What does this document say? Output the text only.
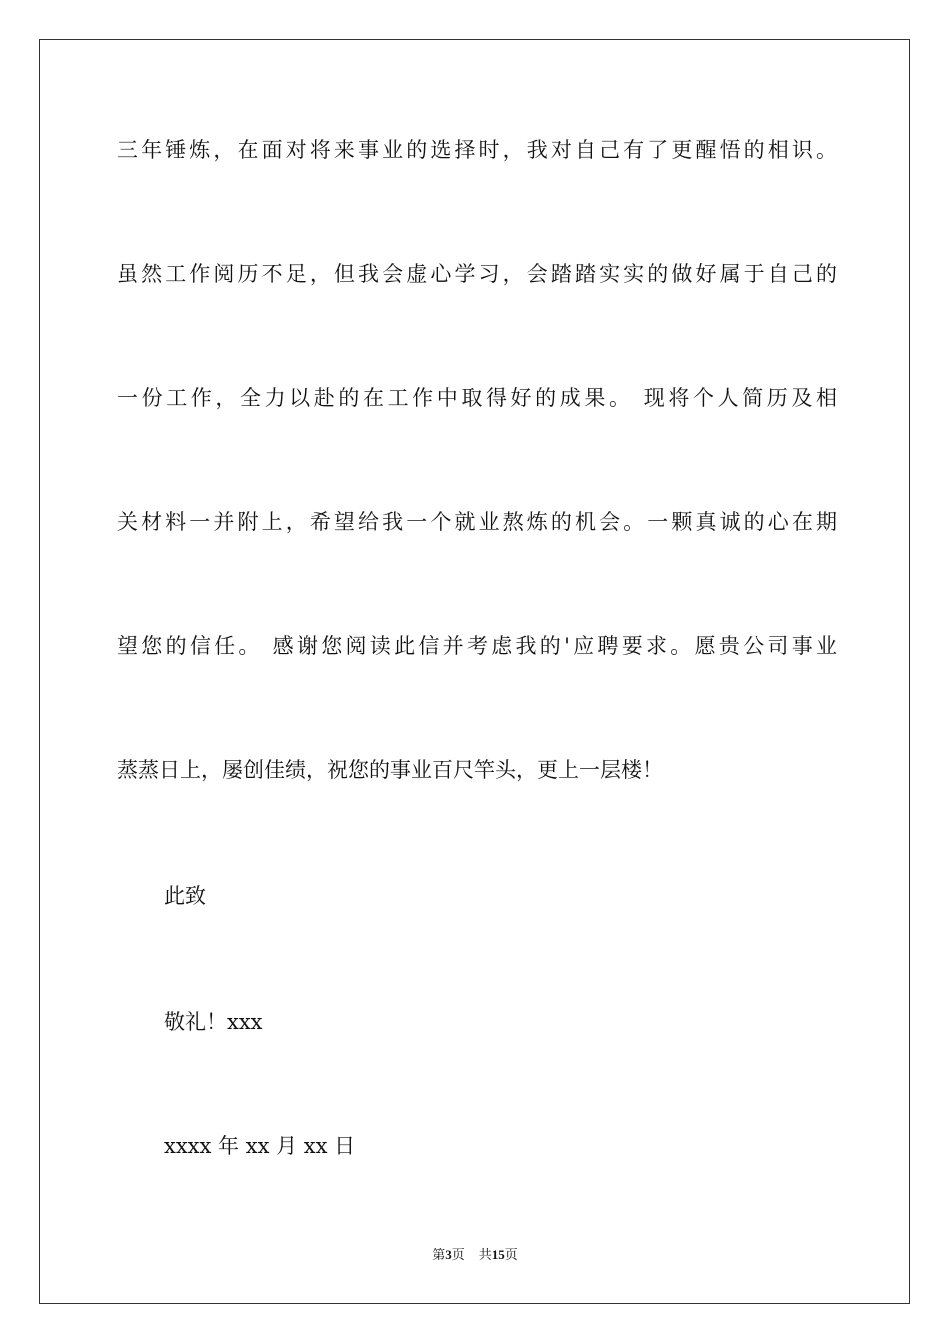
三年锤炼，在面对将来事业的选择时，我对自己有了更醒悟的相识。
虽然工作阅历不足，但我会虚心学习，会踏踏实实的做好属于自己的
一份工作，全力以赴的在工作中取得好的成果。 现将个人简历及相
关材料一并附上，希望给我一个就业熬炼的机会。一颗真诚的心在期
望您的信任。 感谢您阅读此信并考虑我的'应聘要求。愿贵公司事业
蒸蒸日上，屡创佳绩，祝您的事业百尺竿头，更上一层楼！
此致
敬礼！xxx
xxxx 年 xx 月 xx 日
第3页 共15页
